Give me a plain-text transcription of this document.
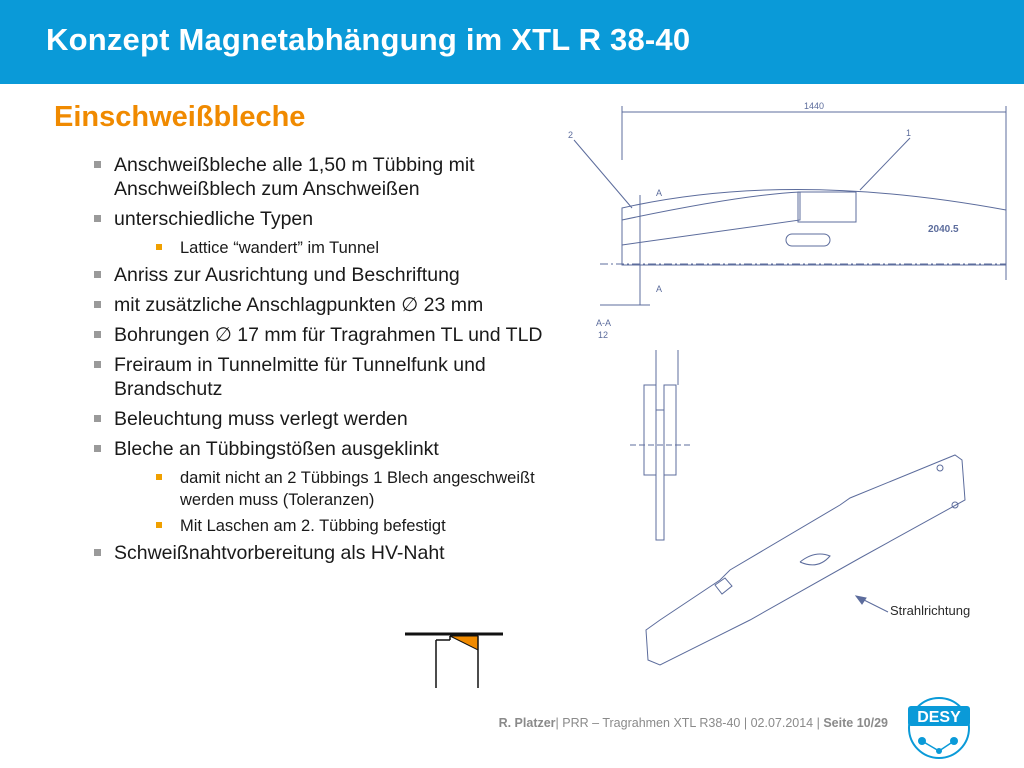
Konzept Magnetabhängung im XTL R 38-40
Einschweißbleche
Anschweißbleche alle 1,50 m Tübbing mit Anschweißblech zum Anschweißen
unterschiedliche Typen
Lattice “wandert” im Tunnel
Anriss zur Ausrichtung und Beschriftung
mit zusätzliche Anschlagpunkten ∅ 23 mm
Bohrungen ∅ 17 mm für Tragrahmen TL und TLD
Freiraum in Tunnelmitte für Tunnelfunk und Brandschutz
Beleuchtung muss verlegt werden
Bleche an Tübbingstößen ausgeklinkt
damit nicht an 2 Tübbings 1 Blech angeschweißt werden muss (Toleranzen)
Mit Laschen am 2. Tübbing befestigt
Schweißnahtvorbereitung als HV-Naht
1440
2	1
A
A
A-A
12
2040.5
Strahlrichtung
R. Platzer| PRR – Tragrahmen XTL R38-40 | 02.07.2014 | Seite 10/29 DESY
